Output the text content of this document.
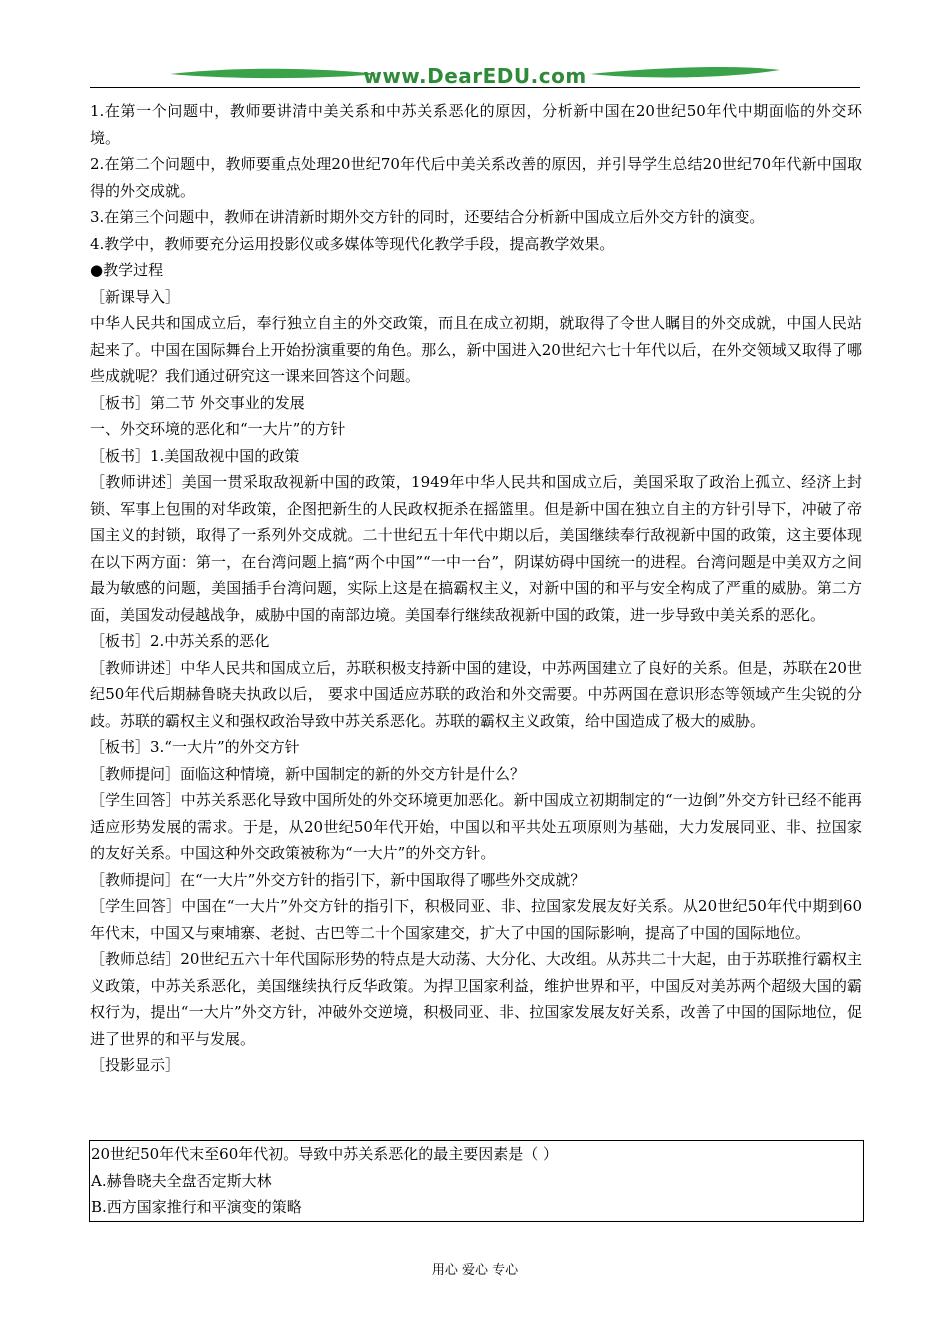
www.DearEDU.com

1.在第一个问题中，教师要讲清中美关系和中苏关系恶化的原因，分析新中国在20世纪50年代中期面临的外交环境。

2.在第二个问题中，教师要重点处理20世纪70年代后中美关系改善的原因，并引导学生总结20世纪70年代新中国取得的外交成就。

3.在第三个问题中，教师在讲清新时期外交方针的同时，还要结合分析新中国成立后外交方针的演变。

4.教学中，教师要充分运用投影仪或多媒体等现代化教学手段，提高教学效果。

●教学过程

［新课导入］

中华人民共和国成立后，奉行独立自主的外交政策，而且在成立初期，就取得了令世人瞩目的外交成就，中国人民站起来了。中国在国际舞台上开始扮演重要的角色。那么，新中国进入20世纪六七十年代以后，在外交领域又取得了哪些成就呢？我们通过研究这一课来回答这个问题。

［板书］第二节 外交事业的发展

一、外交环境的恶化和“一大片”的方针

［板书］1.美国敌视中国的政策

［教师讲述］美国一贯采取敌视新中国的政策，1949年中华人民共和国成立后，美国采取了政治上孤立、经济上封锁、军事上包围的对华政策，企图把新生的人民政权扼杀在摇篮里。但是新中国在独立自主的方针引导下，冲破了帝国主义的封锁，取得了一系列外交成就。二十世纪五十年代中期以后，美国继续奉行敌视新中国的政策，这主要体现在以下两方面：第一，在台湾问题上搞“两个中国”“一中一台”，阴谋妨碍中国统一的进程。台湾问题是中美双方之间最为敏感的问题，美国插手台湾问题，实际上这是在搞霸权主义，对新中国的和平与安全构成了严重的威胁。第二方面，美国发动侵越战争，威胁中国的南部边境。美国奉行继续敌视新中国的政策，进一步导致中美关系的恶化。

［板书］2.中苏关系的恶化

［教师讲述］中华人民共和国成立后，苏联积极支持新中国的建设，中苏两国建立了良好的关系。但是，苏联在20世纪50年代后期赫鲁晓夫执政以后， 要求中国适应苏联的政治和外交需要。中苏两国在意识形态等领域产生尖锐的分歧。苏联的霸权主义和强权政治导致中苏关系恶化。苏联的霸权主义政策，给中国造成了极大的威胁。

［板书］3.“一大片”的外交方针

［教师提问］面临这种情境，新中国制定的新的外交方针是什么？

［学生回答］中苏关系恶化导致中国所处的外交环境更加恶化。新中国成立初期制定的“一边倒”外交方针已经不能再适应形势发展的需求。于是，从20世纪50年代开始，中国以和平共处五项原则为基础，大力发展同亚、非、拉国家的友好关系。中国这种外交政策被称为“一大片”的外交方针。

［教师提问］在“一大片”外交方针的指引下，新中国取得了哪些外交成就？

［学生回答］中国在“一大片”外交方针的指引下，积极同亚、非、拉国家发展友好关系。从20世纪50年代中期到60年代末，中国又与柬埔寨、老挝、古巴等二十个国家建交，扩大了中国的国际影响，提高了中国的国际地位。

［教师总结］20世纪五六十年代国际形势的特点是大动荡、大分化、大改组。从苏共二十大起，由于苏联推行霸权主义政策，中苏关系恶化，美国继续执行反华政策。为捍卫国家利益，维护世界和平，中国反对美苏两个超级大国的霸权行为，提出“一大片”外交方针，冲破外交逆境，积极同亚、非、拉国家发展友好关系，改善了中国的国际地位，促进了世界的和平与发展。

［投影显示］

20世纪50年代末至60年代初。导致中苏关系恶化的最主要因素是（ ）

A.赫鲁晓夫全盘否定斯大林

B.西方国家推行和平演变的策略

用心 爱心 专心
